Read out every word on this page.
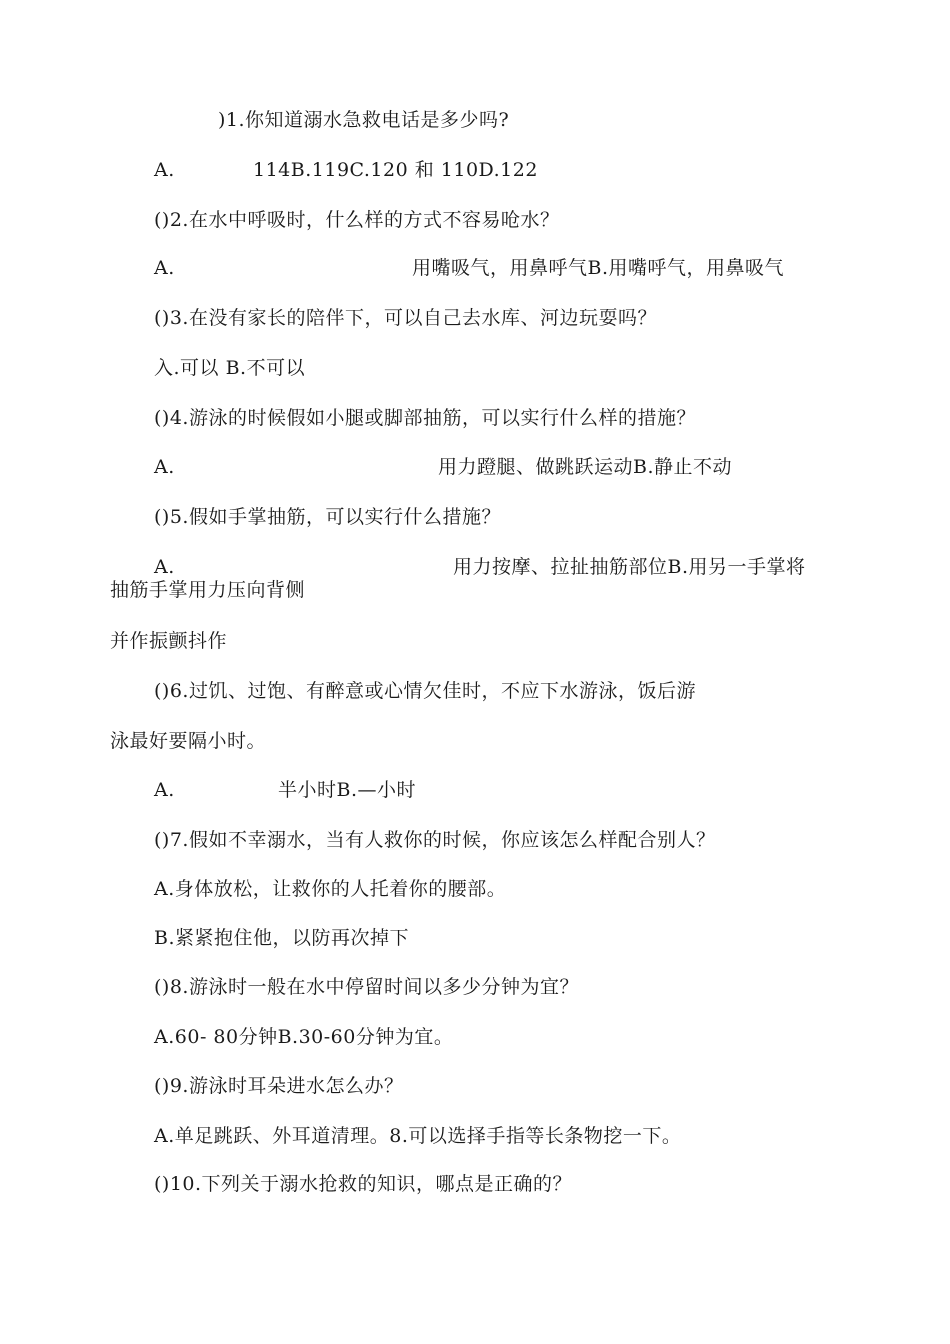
)1.你知道溺水急救电话是多少吗?
A.	114B.119C.120 和 110D.122
()2.在水中呼吸时，什么样的方式不容易呛水？
A.	用嘴吸气，用鼻呼气B.用嘴呼气，用鼻吸气
()3.在没有家长的陪伴下，可以自己去水库、河边玩耍吗？
入.可以 B.不可以
()4.游泳的时候假如小腿或脚部抽筋，可以实行什么样的措施？
A.	用力蹬腿、做跳跃运动B.静止不动
()5.假如手掌抽筋，可以实行什么措施？
A.	用力按摩、拉扯抽筋部位B.用另一手掌将
抽筋手掌用力压向背侧
并作振颤抖作
()6.过饥、过饱、有醉意或心情欠佳时，不应下水游泳，饭后游
泳最好要隔小时。
A.	半小时B.—小时
()7.假如不幸溺水，当有人救你的时候，你应该怎么样配合别人？
A.身体放松，让救你的人托着你的腰部。
B.紧紧抱住他，以防再次掉下
()8.游泳时一般在水中停留时间以多少分钟为宜？
A.60- 80分钟B.30-60分钟为宜。
()9.游泳时耳朵进水怎么办？
A.单足跳跃、外耳道清理。8.可以选择手指等长条物挖一下。
()10.下列关于溺水抢救的知识，哪点是正确的？
